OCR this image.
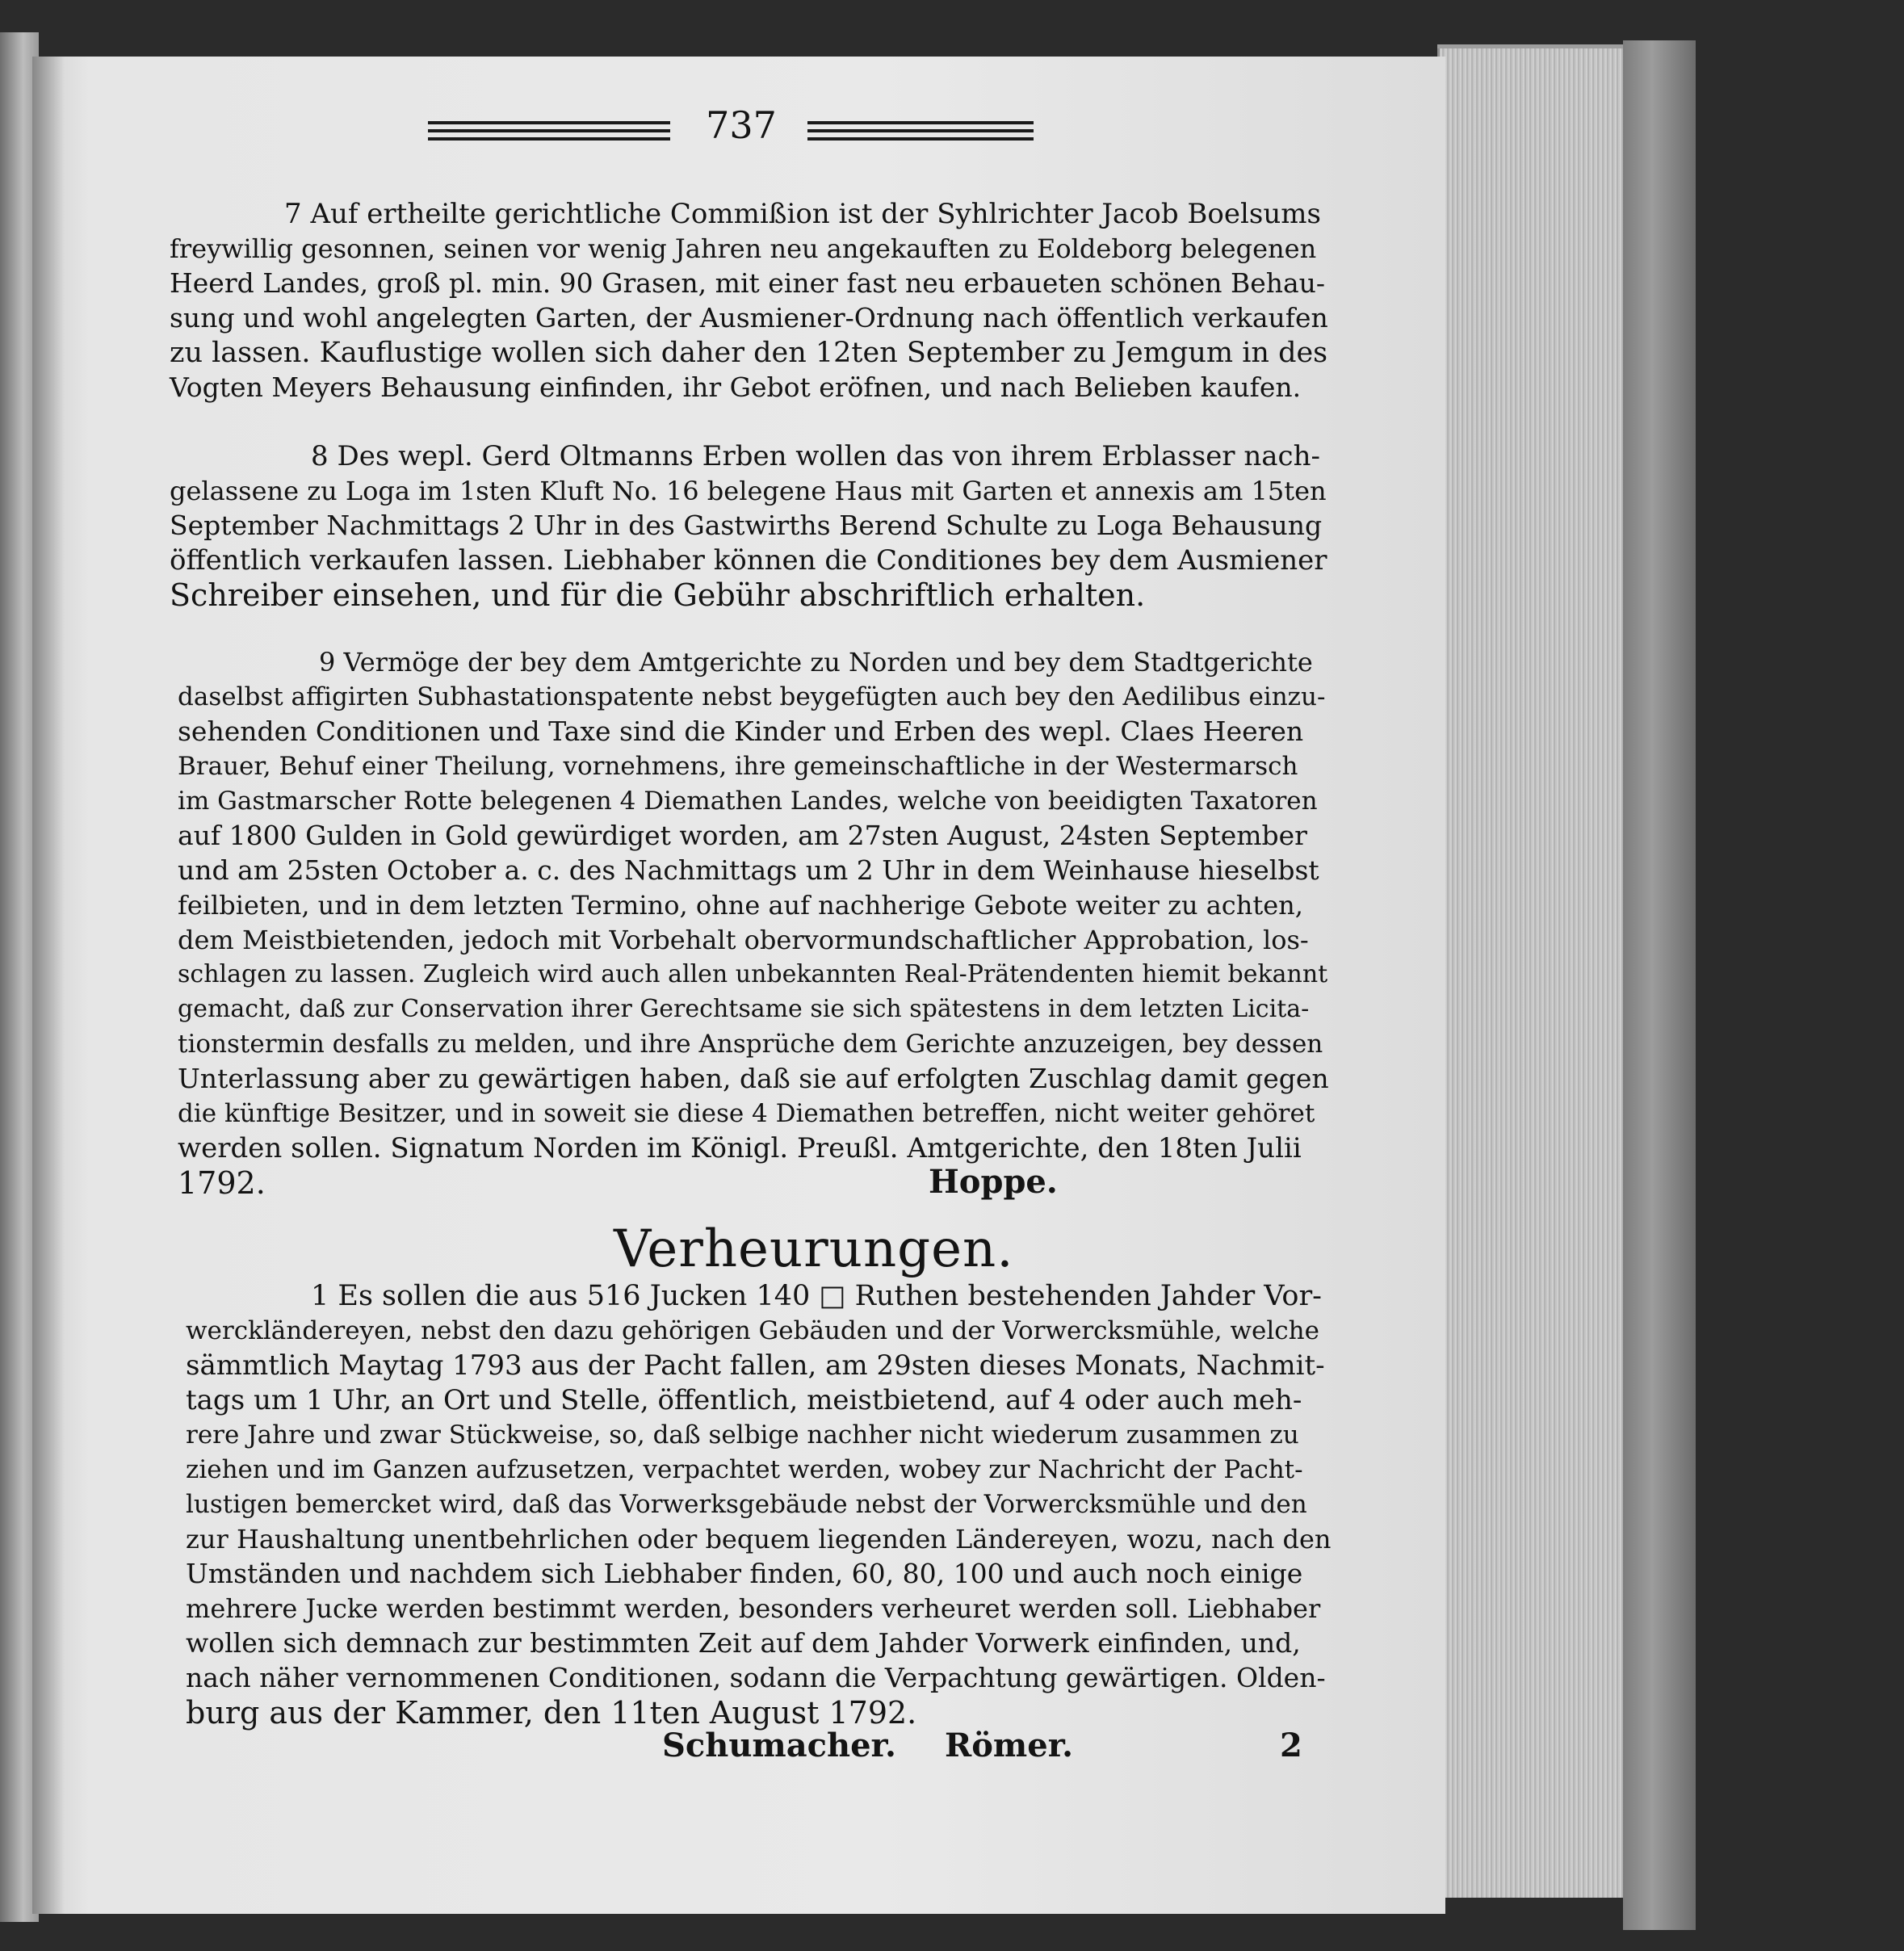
737
7 Auf ertheilte gerichtliche Commißion ist der Syhlrichter Jacob Boelsums
freywillig gesonnen, seinen vor wenig Jahren neu angekauften zu Eoldeborg belegenen
Heerd Landes, groß pl. min. 90 Grasen, mit einer fast neu erbaueten schönen Behau-
sung und wohl angelegten Garten, der Ausmiener-Ordnung nach öffentlich verkaufen
zu lassen. Kauflustige wollen sich daher den 12ten September zu Jemgum in des
Vogten Meyers Behausung einfinden, ihr Gebot eröfnen, und nach Belieben kaufen.
8 Des wepl. Gerd Oltmanns Erben wollen das von ihrem Erblasser nach-
gelassene zu Loga im 1sten Kluft No. 16 belegene Haus mit Garten et annexis am 15ten
September Nachmittags 2 Uhr in des Gastwirths Berend Schulte zu Loga Behausung
öffentlich verkaufen lassen. Liebhaber können die Conditiones bey dem Ausmiener
Schreiber einsehen, und für die Gebühr abschriftlich erhalten.
9 Vermöge der bey dem Amtgerichte zu Norden und bey dem Stadtgerichte
daselbst affigirten Subhastationspatente nebst beygefügten auch bey den Aedilibus einzu-
sehenden Conditionen und Taxe sind die Kinder und Erben des wepl. Claes Heeren
Brauer, Behuf einer Theilung, vornehmens, ihre gemeinschaftliche in der Westermarsch
im Gastmarscher Rotte belegenen 4 Diemathen Landes, welche von beeidigten Taxatoren
auf 1800 Gulden in Gold gewürdiget worden, am 27sten August, 24sten September
und am 25sten October a. c. des Nachmittags um 2 Uhr in dem Weinhause hieselbst
feilbieten, und in dem letzten Termino, ohne auf nachherige Gebote weiter zu achten,
dem Meistbietenden, jedoch mit Vorbehalt obervormundschaftlicher Approbation, los-
schlagen zu lassen. Zugleich wird auch allen unbekannten Real-Prätendenten hiemit bekannt
gemacht, daß zur Conservation ihrer Gerechtsame sie sich spätestens in dem letzten Licita-
tionstermin desfalls zu melden, und ihre Ansprüche dem Gerichte anzuzeigen, bey dessen
Unterlassung aber zu gewärtigen haben, daß sie auf erfolgten Zuschlag damit gegen
die künftige Besitzer, und in soweit sie diese 4 Diemathen betreffen, nicht weiter gehöret
werden sollen. Signatum Norden im Königl. Preußl. Amtgerichte, den 18ten Julii
1792.	Hoppe.
Verheurungen.
1 Es sollen die aus 516 Jucken 140 □ Ruthen bestehenden Jahder Vor-
werckländereyen, nebst den dazu gehörigen Gebäuden und der Vorwercksmühle, welche
sämmtlich Maytag 1793 aus der Pacht fallen, am 29sten dieses Monats, Nachmit-
tags um 1 Uhr, an Ort und Stelle, öffentlich, meistbietend, auf 4 oder auch meh-
rere Jahre und zwar Stückweise, so, daß selbige nachher nicht wiederum zusammen zu
ziehen und im Ganzen aufzusetzen, verpachtet werden, wobey zur Nachricht der Pacht-
lustigen bemercket wird, daß das Vorwerksgebäude nebst der Vorwercksmühle und den
zur Haushaltung unentbehrlichen oder bequem liegenden Ländereyen, wozu, nach den
Umständen und nachdem sich Liebhaber finden, 60, 80, 100 und auch noch einige
mehrere Jucke werden bestimmt werden, besonders verheuret werden soll. Liebhaber
wollen sich demnach zur bestimmten Zeit auf dem Jahder Vorwerk einfinden, und,
nach näher vernommenen Conditionen, sodann die Verpachtung gewärtigen. Olden-
burg aus der Kammer, den 11ten August 1792.
Schumacher. Römer.	2
